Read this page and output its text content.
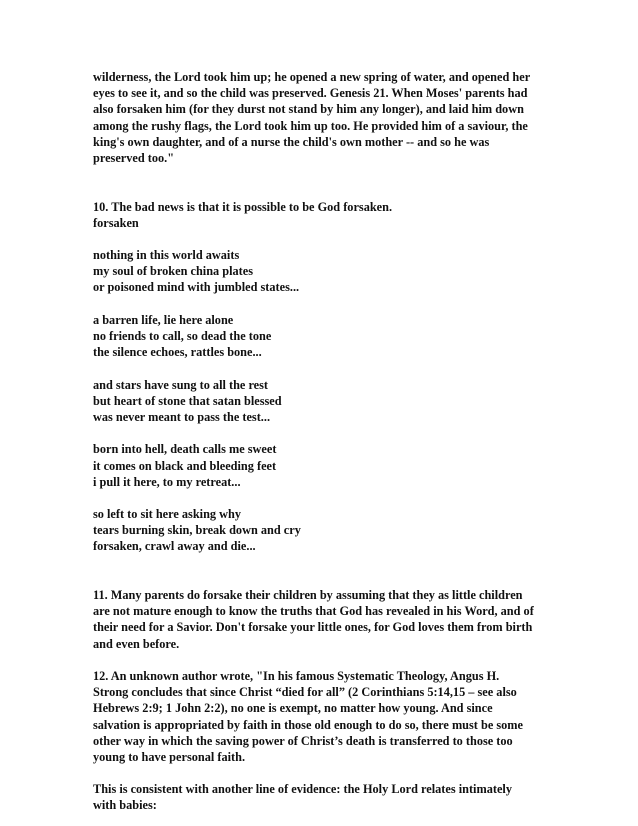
wilderness, the Lord took him up; he opened a new spring of water, and opened her
eyes to see it, and so the child was preserved. Genesis 21. When Moses' parents had
also forsaken him (for they durst not stand by him any longer), and laid him down
among the rushy flags, the Lord took him up too. He provided him of a saviour, the
king's own daughter, and of a nurse the child's own mother -- and so he was
preserved too."
10. The bad news is that it is possible to be God forsaken.
forsaken
nothing in this world awaits
my soul of broken china plates
or poisoned mind with jumbled states...
a barren life, lie here alone
no friends to call, so dead the tone
the silence echoes, rattles bone...
and stars have sung to all the rest
but heart of stone that satan blessed
was never meant to pass the test...
born into hell, death calls me sweet
it comes on black and bleeding feet
i pull it here, to my retreat...
so left to sit here asking why
tears burning skin, break down and cry
forsaken, crawl away and die...
11. Many parents do forsake their children by assuming that they as little children
are not mature enough to know the truths that God has revealed in his Word, and of
their need for a Savior. Don't forsake your little ones, for God loves them from birth
and even before.
12. An unknown author wrote, "In his famous Systematic Theology, Angus H.
Strong concludes that since Christ “died for all” (2 Corinthians 5:14,15 – see also
Hebrews 2:9; 1 John 2:2), no one is exempt, no matter how young. And since
salvation is appropriated by faith in those old enough to do so, there must be some
other way in which the saving power of Christ’s death is transferred to those too
young to have personal faith.
This is consistent with another line of evidence: the Holy Lord relates intimately
with babies:
